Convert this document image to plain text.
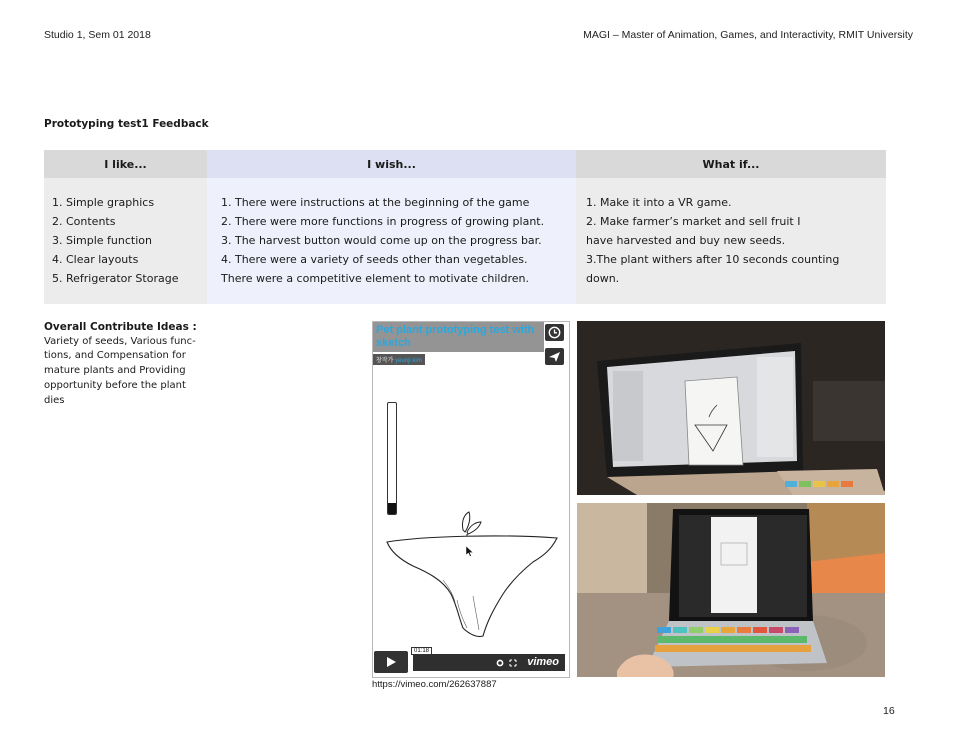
Studio 1, Sem 01 2018	MAGI – Master of Animation, Games, and Interactivity, RMIT University
Prototyping test1 Feedback
I like...
1. Simple graphics
2. Contents
3. Simple function
4. Clear layouts
5. Refrigerator Storage
I wish...
1. There were instructions at the beginning of the game
2. There were more functions in progress of growing plant.
3. The harvest button would come up on the progress bar.
4. There were a variety of seeds other than vegetables.
There were a competitive element to motivate children.
What if...
1. Make it into a VR game.
2. Make farmer’s market and sell fruit I
have harvested and buy new seeds.
3.The plant withers after 10 seconds counting
down.
Overall Contribute Ideas :
Variety of seeds, Various func-
tions, and Compensation for
mature plants and Providing
opportunity before the plant
dies
Pet plant prototyping test with sketch
창작가 yeunji kim
vimeo
01:18
https://vimeo.com/262637887
16
